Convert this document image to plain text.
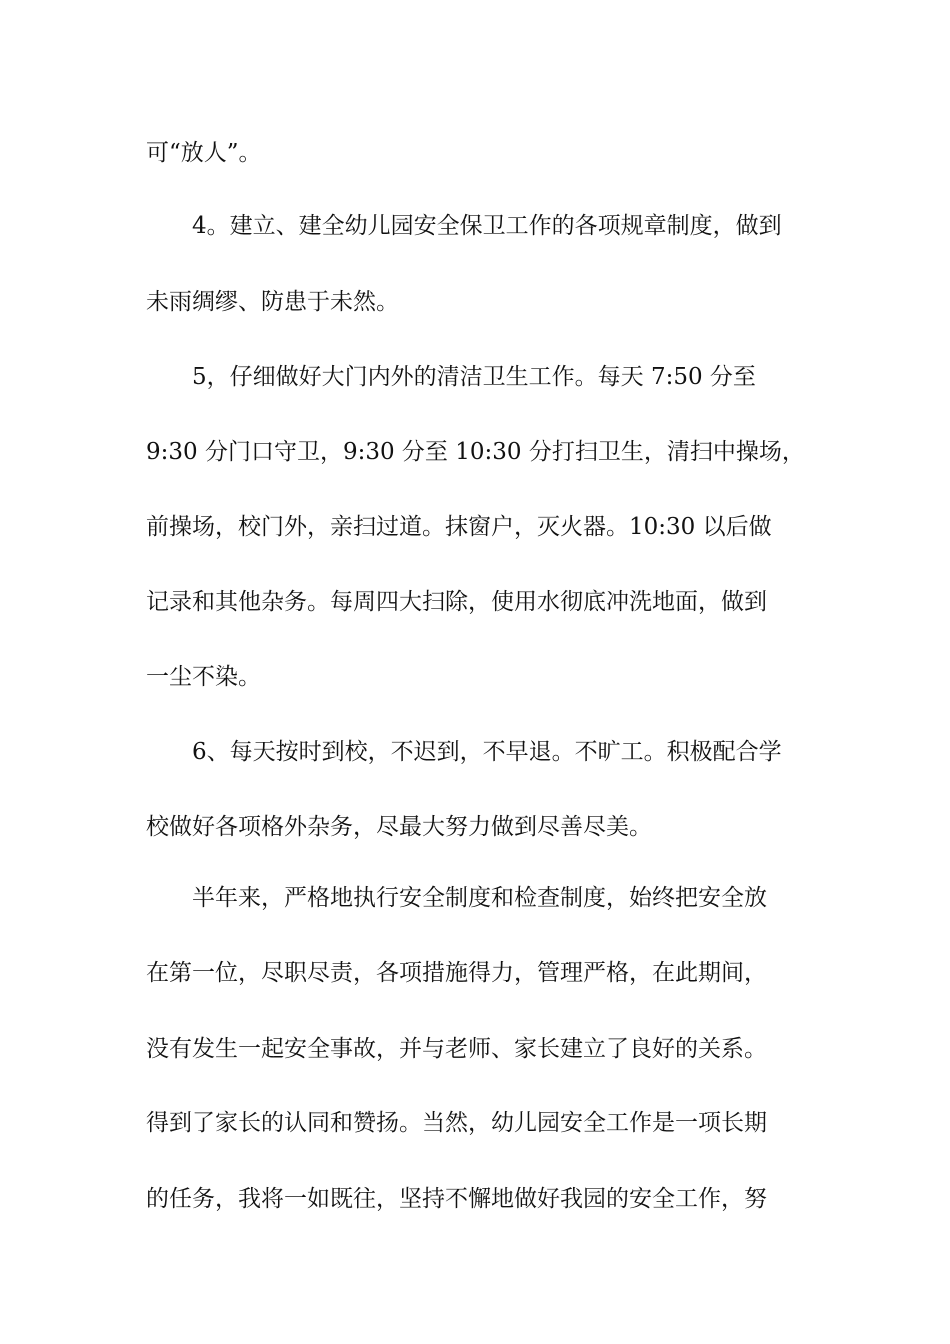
可“放人”。
4。建立、建全幼儿园安全保卫工作的各项规章制度，做到
未雨绸缪、防患于未然。
5，仔细做好大门内外的清洁卫生工作。每天 7:50 分至
9:30 分门口守卫，9:30 分至 10:30 分打扫卫生，清扫中操场，
前操场，校门外，亲扫过道。抹窗户，灭火器。10:30 以后做
记录和其他杂务。每周四大扫除，使用水彻底冲洗地面，做到
一尘不染。
6、每天按时到校，不迟到，不早退。不旷工。积极配合学
校做好各项格外杂务，尽最大努力做到尽善尽美。
半年来，严格地执行安全制度和检查制度，始终把安全放
在第一位，尽职尽责，各项措施得力，管理严格，在此期间，
没有发生一起安全事故，并与老师、家长建立了良好的关系。
得到了家长的认同和赞扬。当然，幼儿园安全工作是一项长期
的任务，我将一如既往，坚持不懈地做好我园的安全工作，努
